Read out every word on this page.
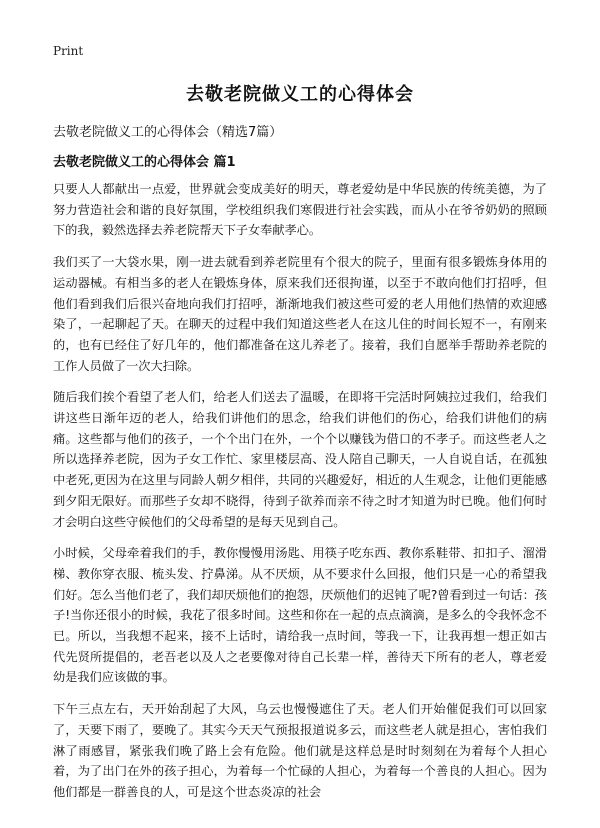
Print
去敬老院做义工的心得体会
去敬老院做义工的心得体会（精选7篇）
去敬老院做义工的心得体会 篇1

只要人人都献出一点爱，世界就会变成美好的明天，尊老爱幼是中华民族的传统美德，为了努力营造社会和谐的良好氛围，学校组织我们寒假进行社会实践，而从小在爷爷奶奶的照顾下的我，毅然选择去养老院帮天下子女奉献孝心。

我们买了一大袋水果，刚一进去就看到养老院里有个很大的院子，里面有很多锻炼身体用的运动器械。有相当多的老人在锻炼身体，原来我们还很拘谨，以至于不敢向他们打招呼，但他们看到我们后很兴奋地向我们打招呼，渐渐地我们被这些可爱的老人用他们热情的欢迎感染了，一起聊起了天。在聊天的过程中我们知道这些老人在这儿住的时间长短不一，有刚来的，也有已经住了好几年的，他们都准备在这儿养老了。接着，我们自愿举手帮助养老院的工作人员做了一次大扫除。

随后我们挨个看望了老人们，给老人们送去了温暖，在即将干完活时阿姨拉过我们，给我们讲这些日渐年迈的老人，给我们讲他们的思念，给我们讲他们的伤心，给我们讲他们的病痛。这些都与他们的孩子，一个个出门在外，一个个以赚钱为借口的不孝子。而这些老人之所以选择养老院，因为子女工作忙、家里楼层高、没人陪自己聊天，一人自说自话，在孤独中老死,更因为在这里与同龄人朝夕相伴，共同的兴趣爱好，相近的人生观念，让他们更能感到夕阳无限好。而那些子女却不晓得，待到子欲养而亲不待之时才知道为时已晚。他们何时才会明白这些守候他们的父母希望的是每天见到自己。

小时候，父母牵着我们的手，教你慢慢用汤匙、用筷子吃东西、教你系鞋带、扣扣子、溜滑梯、教你穿衣服、梳头发、拧鼻涕。从不厌烦，从不要求什么回报，他们只是一心的希望我们好。怎么当他们老了，我们却厌烦他们的抱怨，厌烦他们的迟钝了呢?曾看到过一句话：孩子!当你还很小的时候，我花了很多时间。这些和你在一起的点点滴滴，是多么的令我怀念不已。所以，当我想不起来，接不上话时，请给我一点时间，等我一下，让我再想一想正如古代先贤所提倡的，老吾老以及人之老要像对待自己长辈一样，善待天下所有的老人，尊老爱幼是我们应该做的事。

下午三点左右，天开始刮起了大风，乌云也慢慢遮住了天。老人们开始催促我们可以回家了，天要下雨了，要晚了。其实今天天气预报报道说多云，而这些老人就是担心，害怕我们淋了雨感冒，紧张我们晚了路上会有危险。他们就是这样总是时时刻刻在为着每个人担心着，为了出门在外的孩子担心，为着每一个忙碌的人担心，为着每一个善良的人担心。因为他们都是一群善良的人，可是这个世态炎凉的社会
